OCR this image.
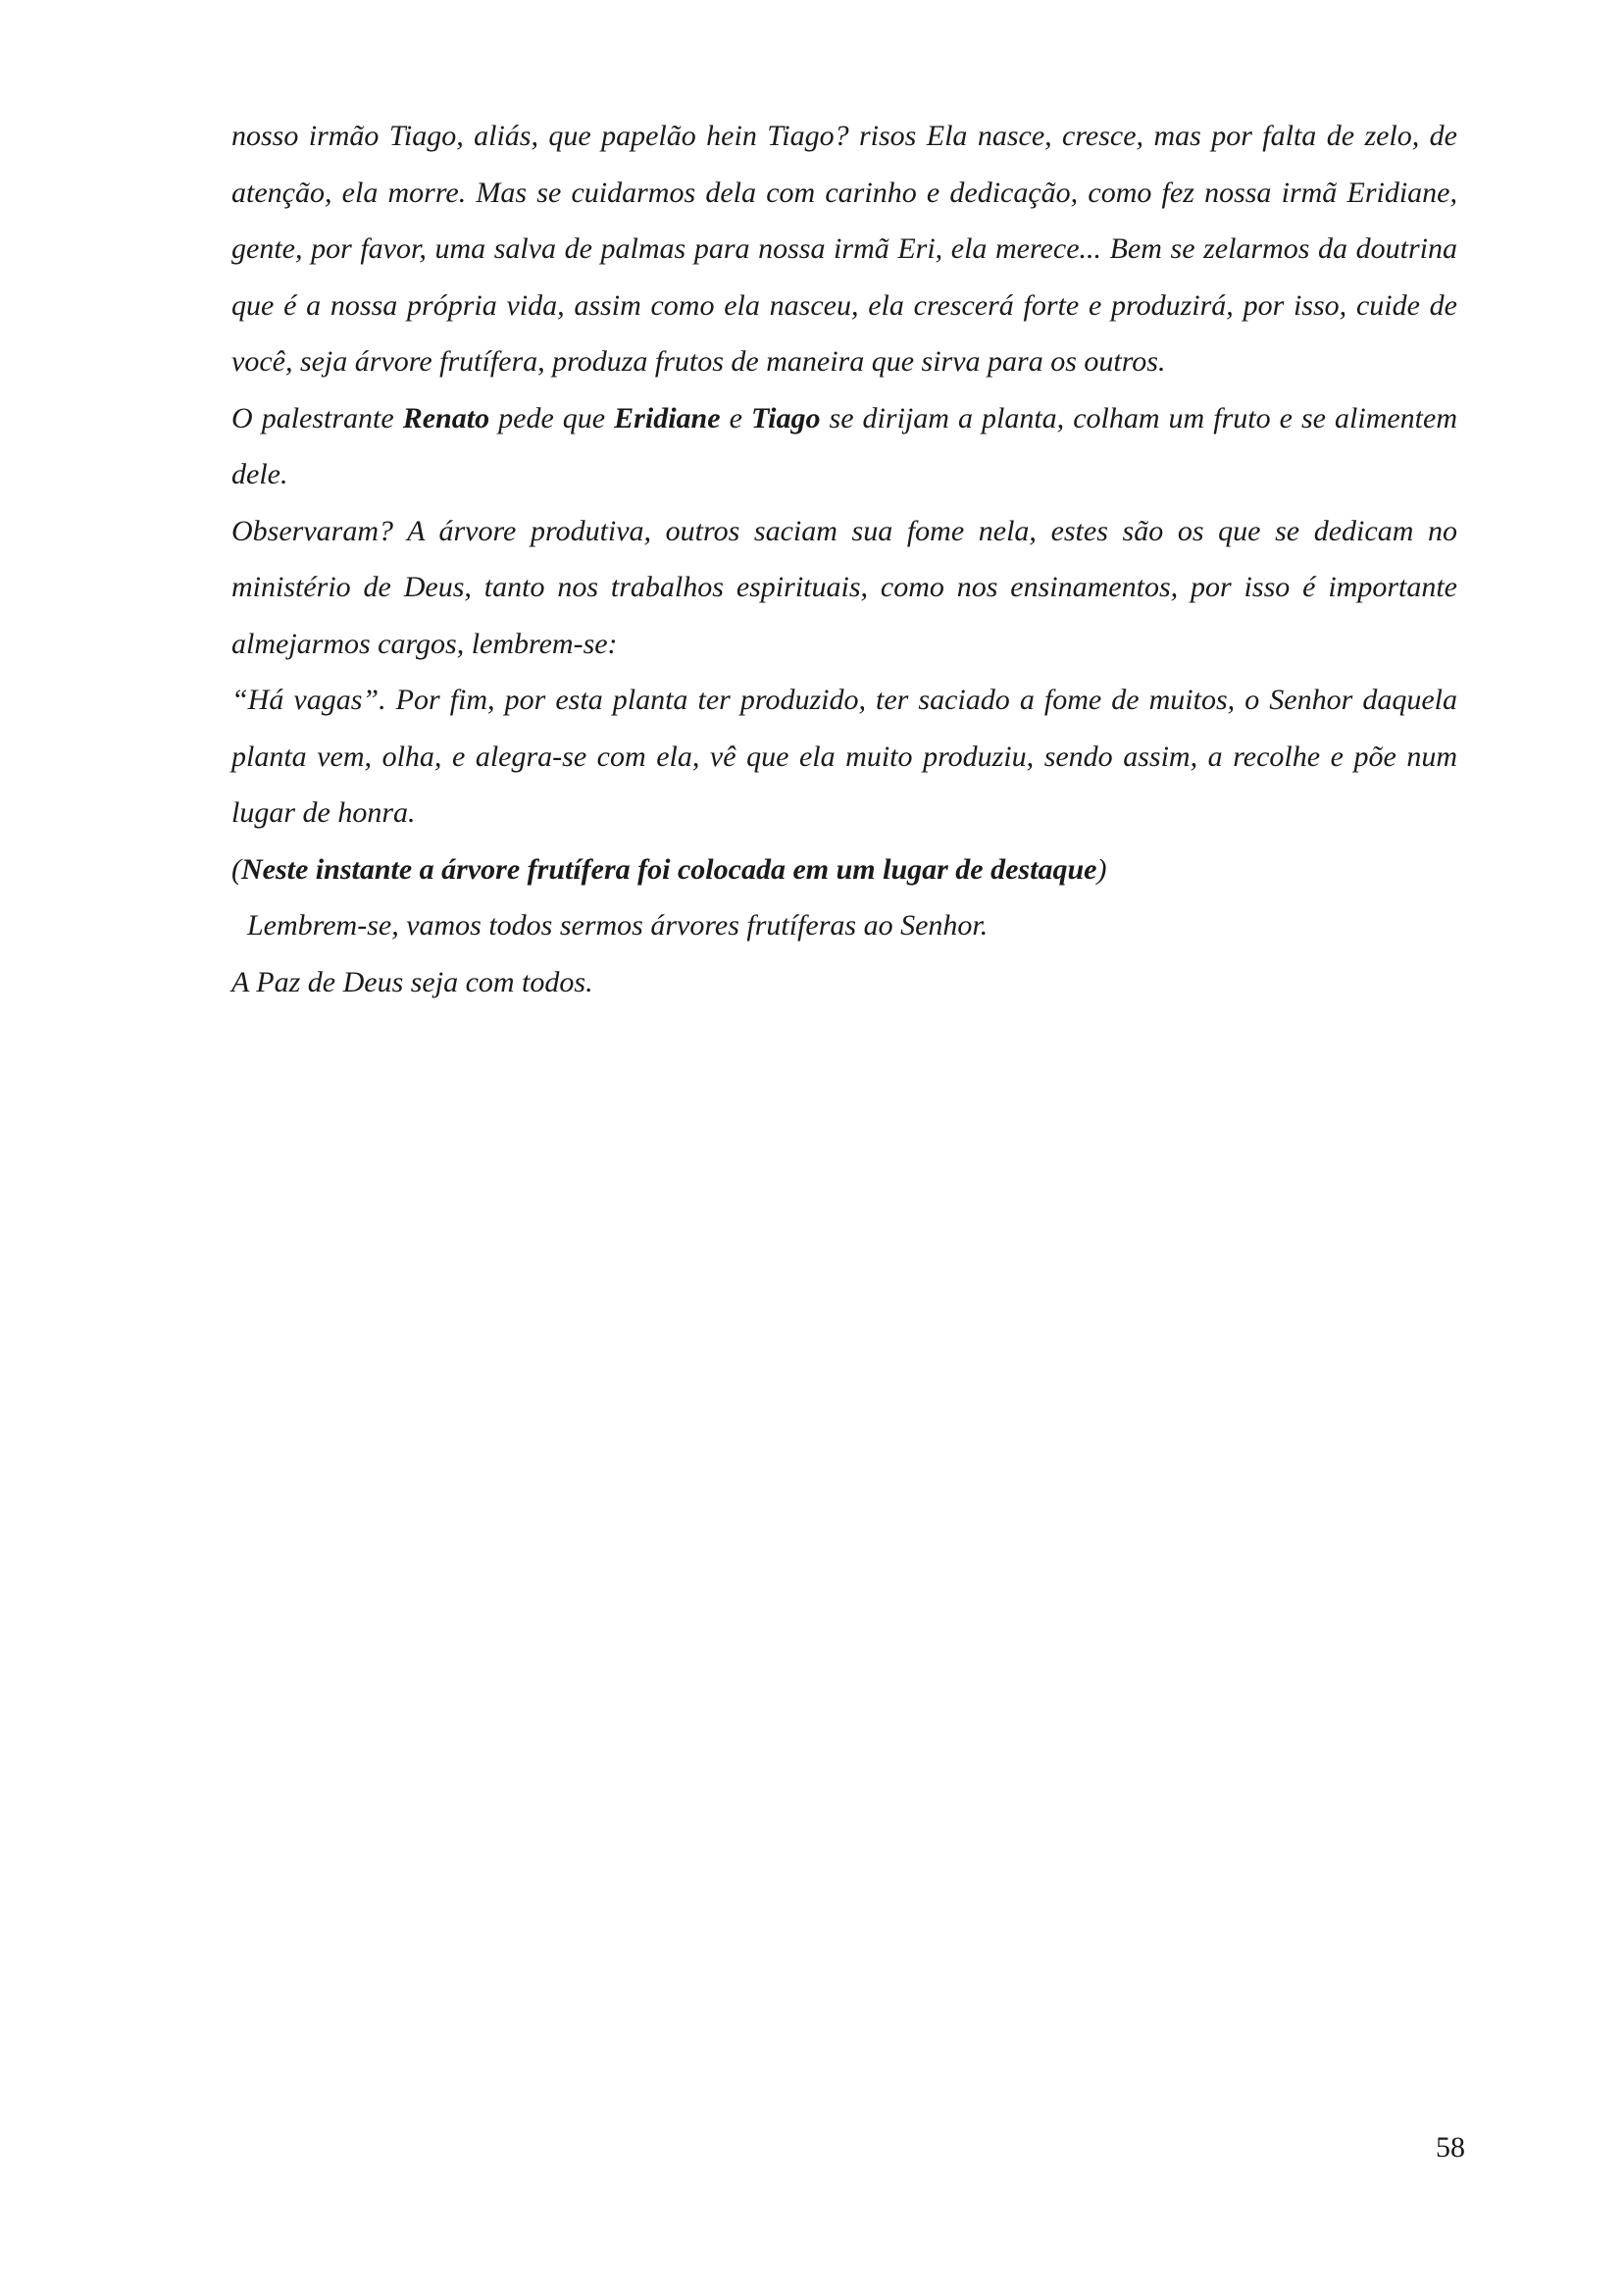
nosso irmão Tiago, aliás, que papelão hein Tiago? risos Ela nasce, cresce, mas por falta de zelo, de atenção, ela morre. Mas se cuidarmos dela com carinho e dedicação, como fez nossa irmã Eridiane, gente, por favor, uma salva de palmas para nossa irmã Eri, ela merece... Bem se zelarmos da doutrina que é a nossa própria vida, assim como ela nasceu, ela crescerá forte e produzirá, por isso, cuide de você, seja árvore frutífera, produza frutos de maneira que sirva para os outros.

O palestrante Renato pede que Eridiane e Tiago se dirijam a planta, colham um fruto e se alimentem dele.

Observaram? A árvore produtiva, outros saciam sua fome nela, estes são os que se dedicam no ministério de Deus, tanto nos trabalhos espirituais, como nos ensinamentos, por isso é importante almejarmos cargos, lembrem-se:

“Há vagas”. Por fim, por esta planta ter produzido, ter saciado a fome de muitos, o Senhor daquela planta vem, olha, e alegra-se com ela, vê que ela muito produziu, sendo assim, a recolhe e põe num lugar de honra.

(Neste instante a árvore frutífera foi colocada em um lugar de destaque)

Lembrem-se, vamos todos sermos árvores frutíferas ao Senhor.

A Paz de Deus seja com todos.

58
